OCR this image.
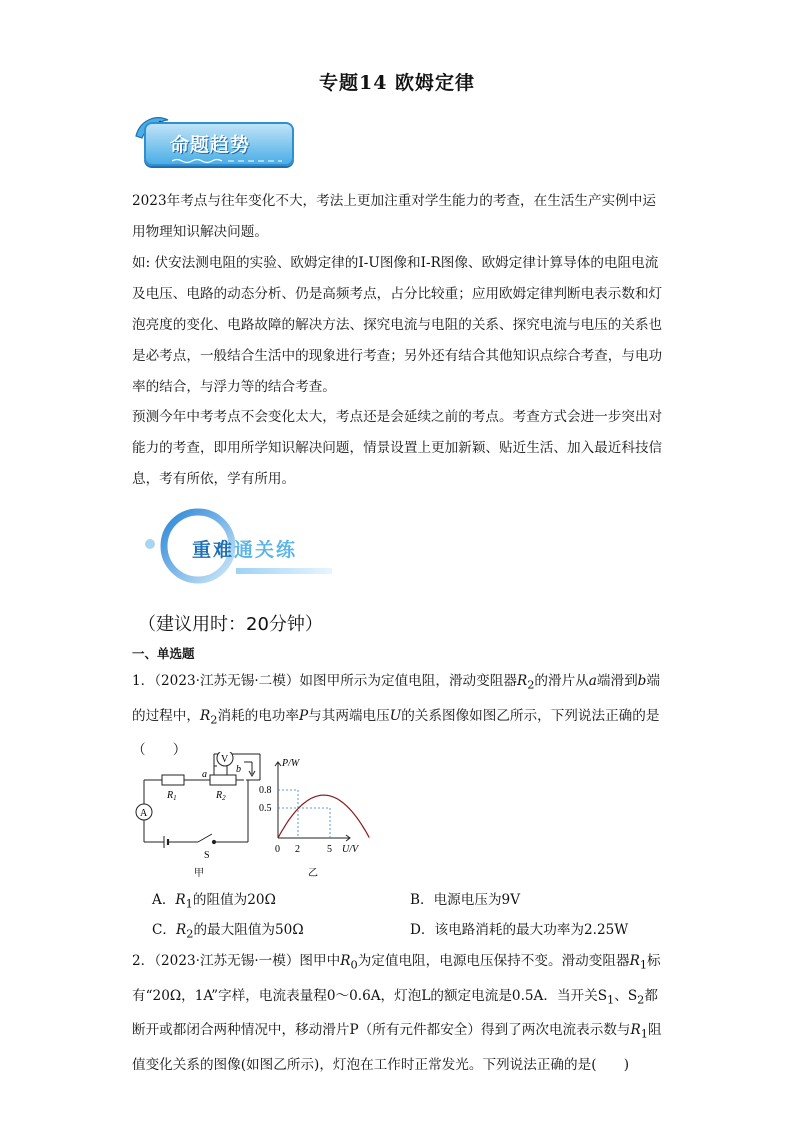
专题14 欧姆定律
命题趋势

2023年考点与往年变化不大，考法上更加注重对学生能力的考查，在生活生产实例中运用物理知识解决问题。

如: 伏安法测电阻的实验、欧姆定律的I-U图像和I-R图像、欧姆定律计算导体的电阻电流及电压、电路的动态分析、仍是高频考点，占分比较重；应用欧姆定律判断电表示数和灯泡亮度的变化、电路故障的解决方法、探究电流与电阻的关系、探究电流与电压的关系也是必考点，一般结合生活中的现象进行考查；另外还有结合其他知识点综合考查，与电功率的结合，与浮力等的结合考查。

预测今年中考考点不会变化太大，考点还是会延续之前的考点。考查方式会进一步突出对能力的考查，即用所学知识解决问题，情景设置上更加新颖、贴近生活、加入最近科技信息，考有所依，学有所用。

重难通关练
（建议用时：20分钟）
一、单选题

1．（2023·江苏无锡·二模）如图甲所示为定值电阻，滑动变阻器$R_2$的滑片从a端滑到b端的过程中，$R_2$消耗的电功率P与其两端电压U的关系图像如图乙所示，下列说法正确的是（　　）

V
A
$R_1$	$R_2$
a	b
S
甲
P/W
U/V
0.8
0.5
0 2	5
乙
A．$R_1$的阻值为20Ω	B．电源电压为9V
C．$R_2$的最大阻值为50Ω	D．该电路消耗的最大功率为2.25W

2．（2023·江苏无锡·一模）图甲中$R_0$为定值电阻，电源电压保持不变。滑动变阻器$R_1$标有“20Ω，1A”字样，电流表量程0～0.6A，灯泡L的额定电流是0.5A．当开关$S_1$、$S_2$都断开或都闭合两种情况中，移动滑片P（所有元件都安全）得到了两次电流表示数与$R_1$阻值变化关系的图像(如图乙所示)，灯泡在工作时正常发光。下列说法正确的是(　　)
